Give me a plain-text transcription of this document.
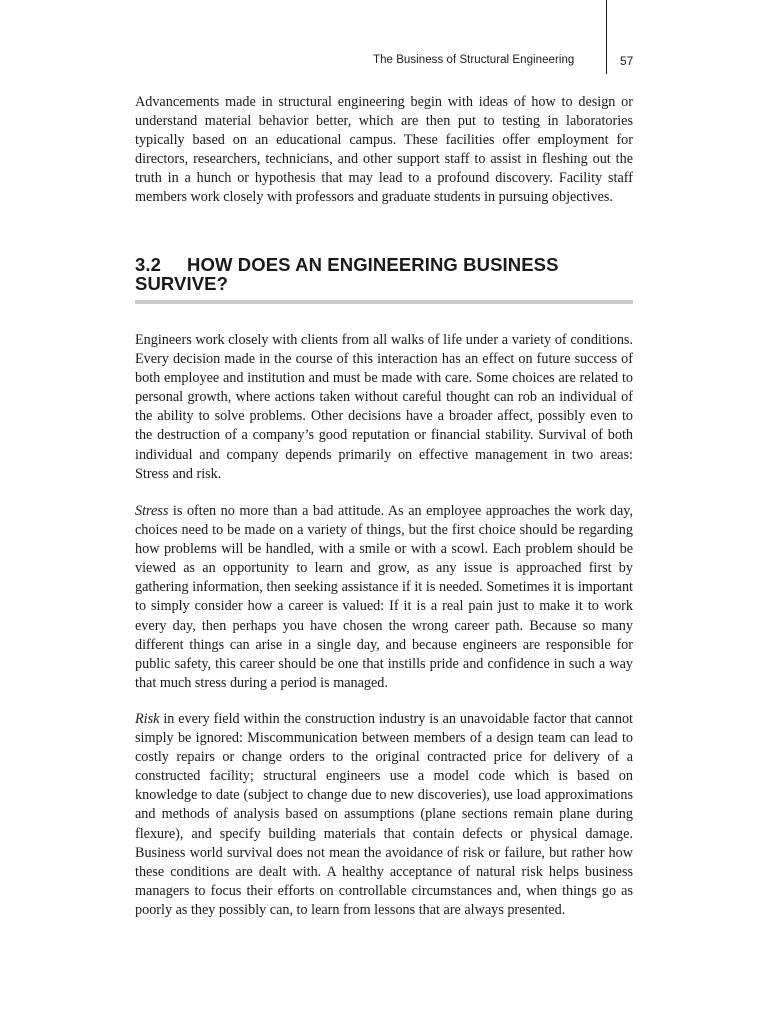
The Business of Structural Engineering	57

Advancements made in structural engineering begin with ideas of how to design or understand material behavior better, which are then put to testing in laboratories typically based on an educational campus. These facilities offer employment for directors, researchers, technicians, and other support staff to assist in fleshing out the truth in a hunch or hypothesis that may lead to a profound discovery. Facility staff members work closely with professors and graduate students in pursuing objectives.

3.2 HOW DOES AN ENGINEERING BUSINESS SURVIVE?

Engineers work closely with clients from all walks of life under a variety of conditions. Every decision made in the course of this interaction has an effect on future success of both employee and institution and must be made with care. Some choices are related to personal growth, where actions taken without careful thought can rob an individual of the ability to solve problems. Other decisions have a broader affect, possibly even to the destruction of a company’s good reputation or financial stability. Survival of both individual and company depends primarily on effective management in two areas: Stress and risk.

Stress is often no more than a bad attitude. As an employee approaches the work day, choices need to be made on a variety of things, but the first choice should be regarding how problems will be handled, with a smile or with a scowl. Each problem should be viewed as an opportunity to learn and grow, as any issue is approached first by gathering information, then seeking assistance if it is needed. Sometimes it is important to simply consider how a career is valued: If it is a real pain just to make it to work every day, then perhaps you have chosen the wrong career path. Because so many different things can arise in a single day, and because engineers are responsible for public safety, this career should be one that instills pride and confidence in such a way that much stress during a period is managed.

Risk in every field within the construction industry is an unavoidable factor that cannot simply be ignored: Miscommunication between members of a design team can lead to costly repairs or change orders to the original contracted price for delivery of a constructed facility; structural engineers use a model code which is based on knowledge to date (subject to change due to new discoveries), use load approximations and methods of analysis based on assumptions (plane sections remain plane during flexure), and specify building materials that contain defects or physical damage. Business world survival does not mean the avoidance of risk or failure, but rather how these conditions are dealt with. A healthy acceptance of natural risk helps business managers to focus their efforts on controllable circumstances and, when things go as poorly as they possibly can, to learn from lessons that are always presented.
